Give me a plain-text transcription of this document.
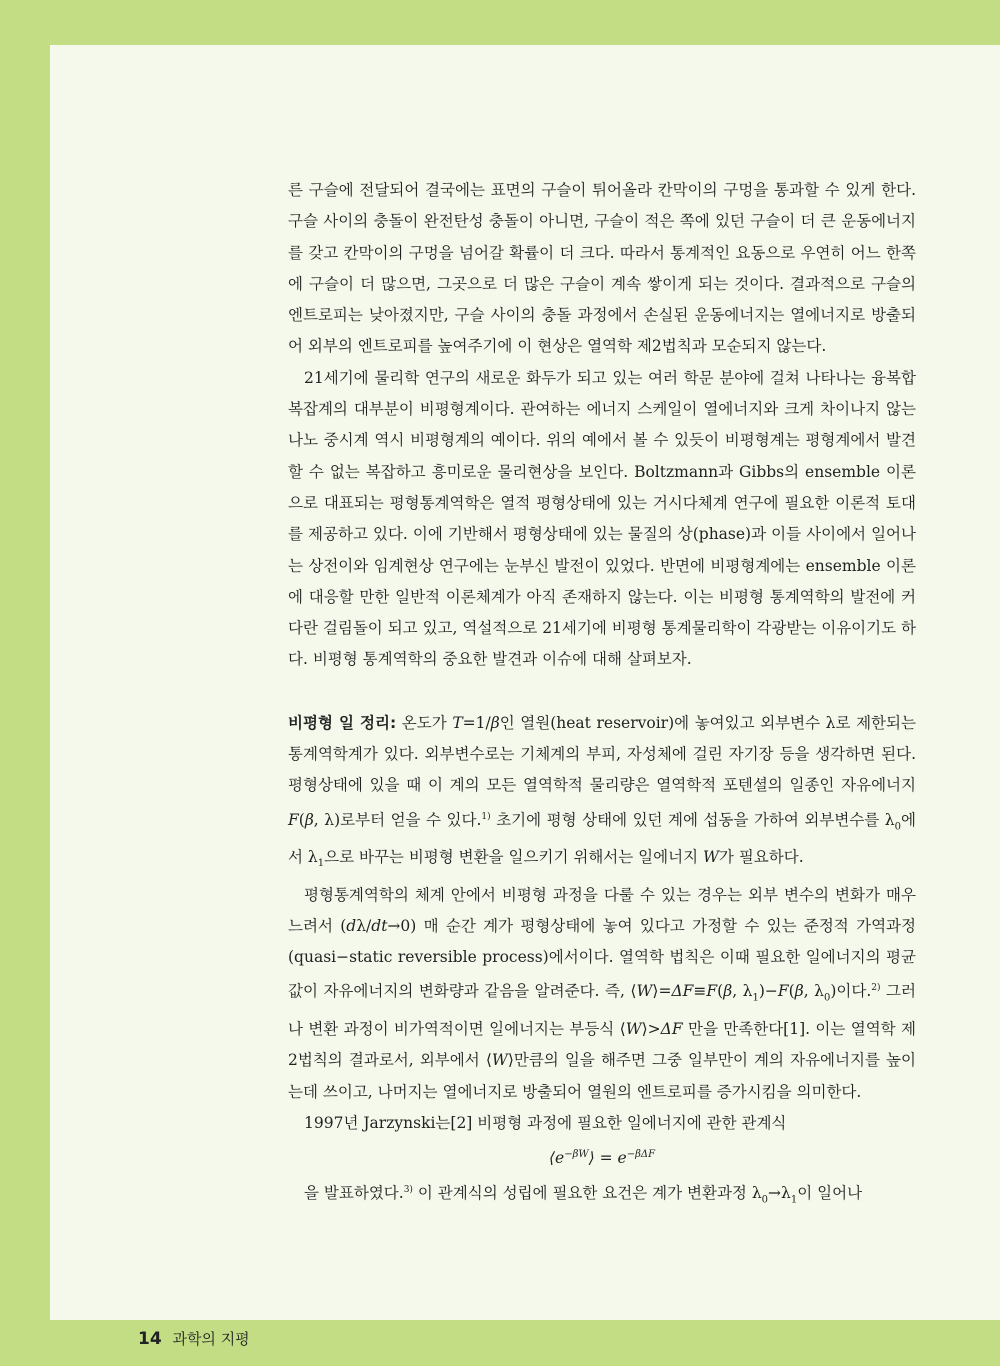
른 구슬에 전달되어 결국에는 표면의 구슬이 튀어올라 칸막이의 구멍을 통과할 수 있게 한다. 구슬 사이의 충돌이 완전탄성 충돌이 아니면, 구슬이 적은 쪽에 있던 구슬이 더 큰 운동에너지를 갖고 칸막이의 구멍을 넘어갈 확률이 더 크다. 따라서 통계적인 요동으로 우연히 어느 한쪽에 구슬이 더 많으면, 그곳으로 더 많은 구슬이 계속 쌓이게 되는 것이다. 결과적으로 구슬의 엔트로피는 낮아졌지만, 구슬 사이의 충돌 과정에서 손실된 운동에너지는 열에너지로 방출되어 외부의 엔트로피를 높여주기에 이 현상은 열역학 제2법칙과 모순되지 않는다.

21세기에 물리학 연구의 새로운 화두가 되고 있는 여러 학문 분야에 걸쳐 나타나는 융복합 복잡계의 대부분이 비평형계이다. 관여하는 에너지 스케일이 열에너지와 크게 차이나지 않는 나노 중시계 역시 비평형계의 예이다. 위의 예에서 볼 수 있듯이 비평형계는 평형계에서 발견할 수 없는 복잡하고 흥미로운 물리현상을 보인다. Boltzmann과 Gibbs의 ensemble 이론으로 대표되는 평형통계역학은 열적 평형상태에 있는 거시다체계 연구에 필요한 이론적 토대를 제공하고 있다. 이에 기반해서 평형상태에 있는 물질의 상(phase)과 이들 사이에서 일어나는 상전이와 임계현상 연구에는 눈부신 발전이 있었다. 반면에 비평형계에는 ensemble 이론에 대응할 만한 일반적 이론체계가 아직 존재하지 않는다. 이는 비평형 통계역학의 발전에 커다란 걸림돌이 되고 있고, 역설적으로 21세기에 비평형 통계물리학이 각광받는 이유이기도 하다. 비평형 통계역학의 중요한 발견과 이슈에 대해 살펴보자.

비평형 일 정리: 온도가 T=1/β인 열원(heat reservoir)에 놓여있고 외부변수 λ로 제한되는 통계역학계가 있다. 외부변수로는 기체계의 부피, 자성체에 걸린 자기장 등을 생각하면 된다. 평형상태에 있을 때 이 계의 모든 열역학적 물리량은 열역학적 포텐셜의 일종인 자유에너지 F(β, λ)로부터 얻을 수 있다.$^{1)}$ 초기에 평형 상태에 있던 계에 섭동을 가하여 외부변수를 $\lambda_0$에서 $\lambda_1$으로 바꾸는 비평형 변환을 일으키기 위해서는 일에너지 W가 필요하다.

평형통계역학의 체계 안에서 비평형 과정을 다룰 수 있는 경우는 외부 변수의 변화가 매우 느려서 (dλ/dt→0) 매 순간 계가 평형상태에 놓여 있다고 가정할 수 있는 준정적 가역과정(quasi−static reversible process)에서이다. 열역학 법칙은 이때 필요한 일에너지의 평균값이 자유에너지의 변화량과 같음을 알려준다. 즉, ⟨W⟩=ΔF≡F(β, $\lambda_1)-F(\beta$, $\lambda_0$)이다.$^{2)}$ 그러나 변환 과정이 비가역적이면 일에너지는 부등식 ⟨W⟩>ΔF 만을 만족한다[1]. 이는 열역학 제2법칙의 결과로서, 외부에서 ⟨W⟩만큼의 일을 해주면 그중 일부만이 계의 자유에너지를 높이는데 쓰이고, 나머지는 열에너지로 방출되어 열원의 엔트로피를 증가시킴을 의미한다.

1997년 Jarzynski는[2] 비평형 과정에 필요한 일에너지에 관한 관계식

$⟨e^{-\beta W}⟩ = e^{-\beta\Delta F}$

을 발표하였다.$^{3)}$ 이 관계식의 성립에 필요한 요건은 계가 변환과정 $\lambda_0\to\lambda_1$이 일어나

14 과학의 지평
